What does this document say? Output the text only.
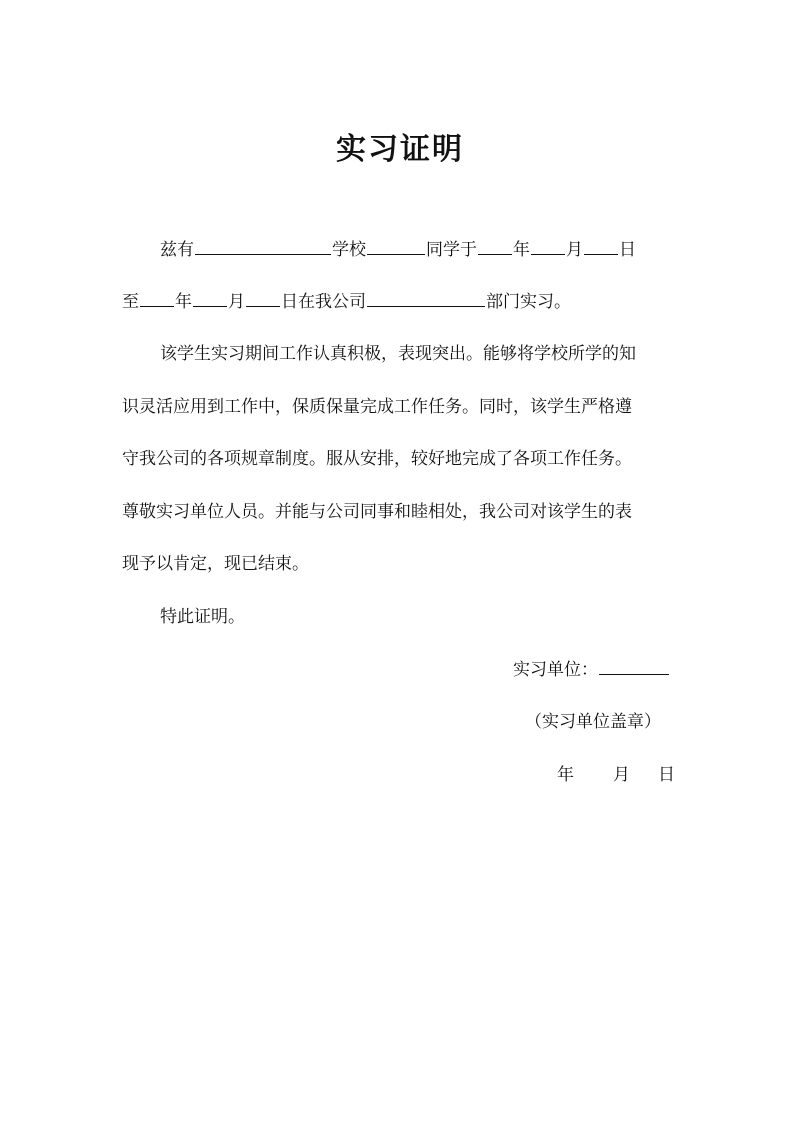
实习证明
兹有	学校	同学于 年 月 日
至 年 月 日在我公司	部门实习。
该学生实习期间工作认真积极，表现突出。能够将学校所学的知
识灵活应用到工作中，保质保量完成工作任务。同时，该学生严格遵
守我公司的各项规章制度。服从安排，较好地完成了各项工作任务。
尊敬实习单位人员。并能与公司同事和睦相处，我公司对该学生的表
现予以肯定，现已结束。
特此证明。
实习单位：
（实习单位盖章）
年 月 日
